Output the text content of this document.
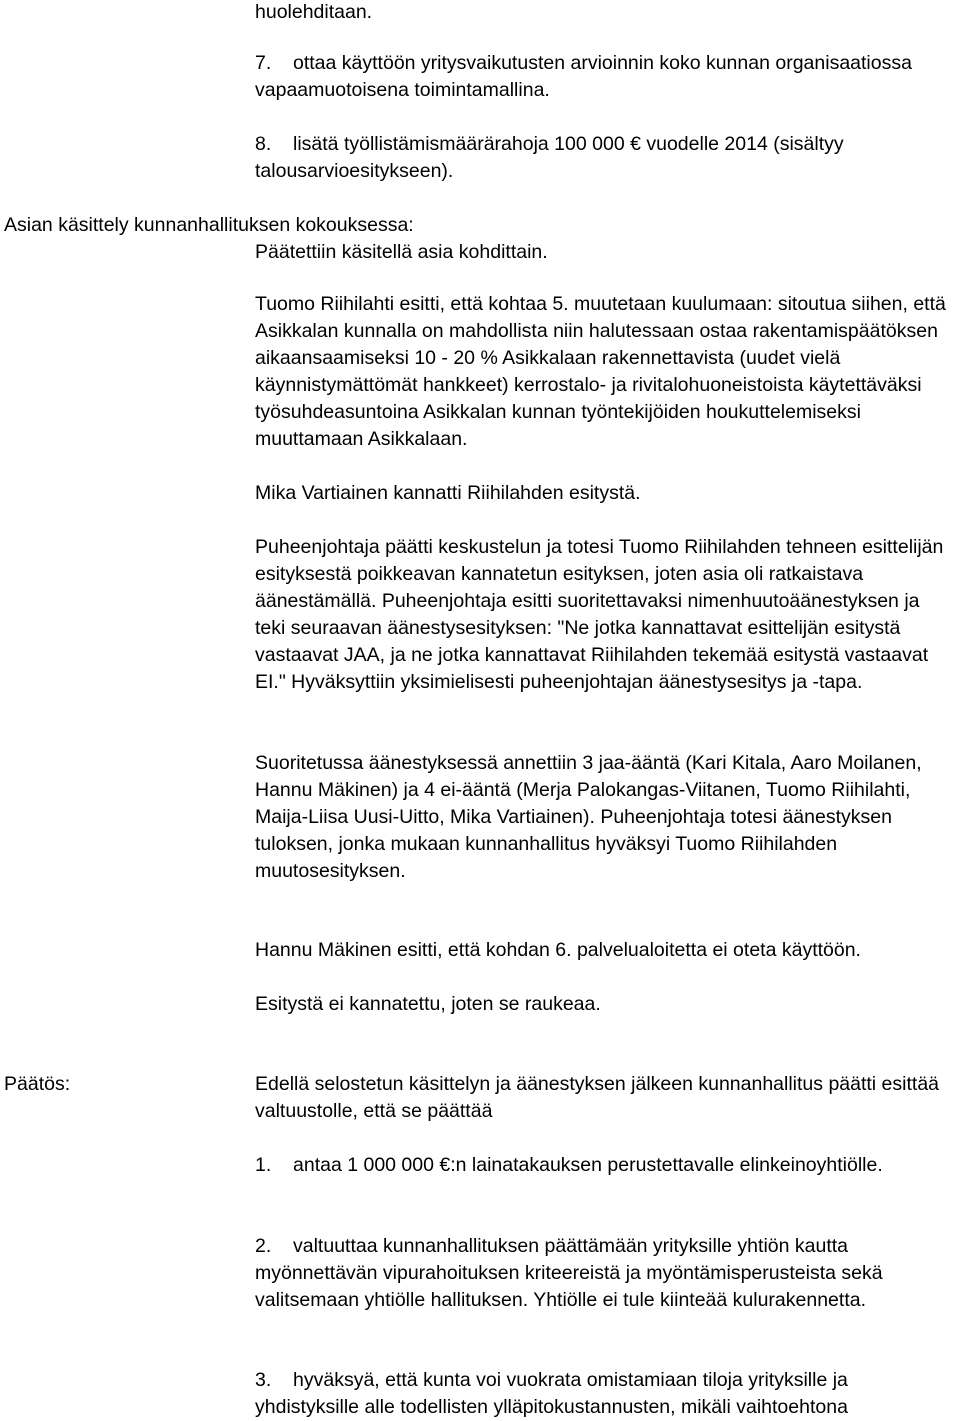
huolehditaan.

7. ottaa käyttöön yritysvaikutusten arvioinnin koko kunnan organisaatiossa vapaamuotoisena toimintamallina.
8. lisätä työllistämismäärärahoja 100 000 € vuodelle 2014 (sisältyy talousarvioesitykseen).

Asian käsittely kunnanhallituksen kokouksessa:

Päätettiin käsitellä asia kohdittain.

Tuomo Riihilahti esitti, että kohtaa 5. muutetaan kuulumaan: sitoutua siihen, että Asikkalan kunnalla on mahdollista niin halutessaan ostaa rakentamispäätöksen aikaansaamiseksi 10 - 20 % Asikkalaan rakennettavista (uudet vielä käynnistymättömät hankkeet) kerrostalo- ja rivitalohuoneistoista käytettäväksi työsuhdeasuntoina Asikkalan kunnan työntekijöiden houkuttelemiseksi muuttamaan Asikkalaan.

Mika Vartiainen kannatti Riihilahden esitystä.

Puheenjohtaja päätti keskustelun ja totesi Tuomo Riihilahden tehneen esittelijän esityksestä poikkeavan kannatetun esityksen, joten asia oli ratkaistava äänestämällä. Puheenjohtaja esitti suoritettavaksi nimenhuutoäänestyksen ja teki seuraavan äänestysesityksen: "Ne jotka kannattavat esittelijän esitystä vastaavat JAA, ja ne jotka kannattavat Riihilahden tekemää esitystä vastaavat EI." Hyväksyttiin yksimielisesti puheenjohtajan äänestysesitys ja -tapa.

Suoritetussa äänestyksessä annettiin 3 jaa-ääntä (Kari Kitala, Aaro Moilanen, Hannu Mäkinen) ja 4 ei-ääntä (Merja Palokangas-Viitanen, Tuomo Riihilahti, Maija-Liisa Uusi-Uitto, Mika Vartiainen). Puheenjohtaja totesi äänestyksen tuloksen, jonka mukaan kunnanhallitus hyväksyi Tuomo Riihilahden muutosesityksen.

Hannu Mäkinen esitti, että kohdan 6. palvelualoitetta ei oteta käyttöön.

Esitystä ei kannatettu, joten se raukeaa.

Päätös:	Edellä selostetun käsittelyn ja äänestyksen jälkeen kunnanhallitus päätti esittää valtuustolle, että se päättää

1. antaa 1 000 000 €:n lainatakauksen perustettavalle elinkeinoyhtiölle.
2. valtuuttaa kunnanhallituksen päättämään yrityksille yhtiön kautta myönnettävän vipurahoituksen kriteereistä ja myöntämisperusteista sekä valitsemaan yhtiölle hallituksen. Yhtiölle ei tule kiinteää kulurakennetta.
3. hyväksyä, että kunta voi vuokrata omistamiaan tiloja yrityksille ja yhdistyksille alle todellisten ylläpitokustannusten, mikäli vaihtoehtona
